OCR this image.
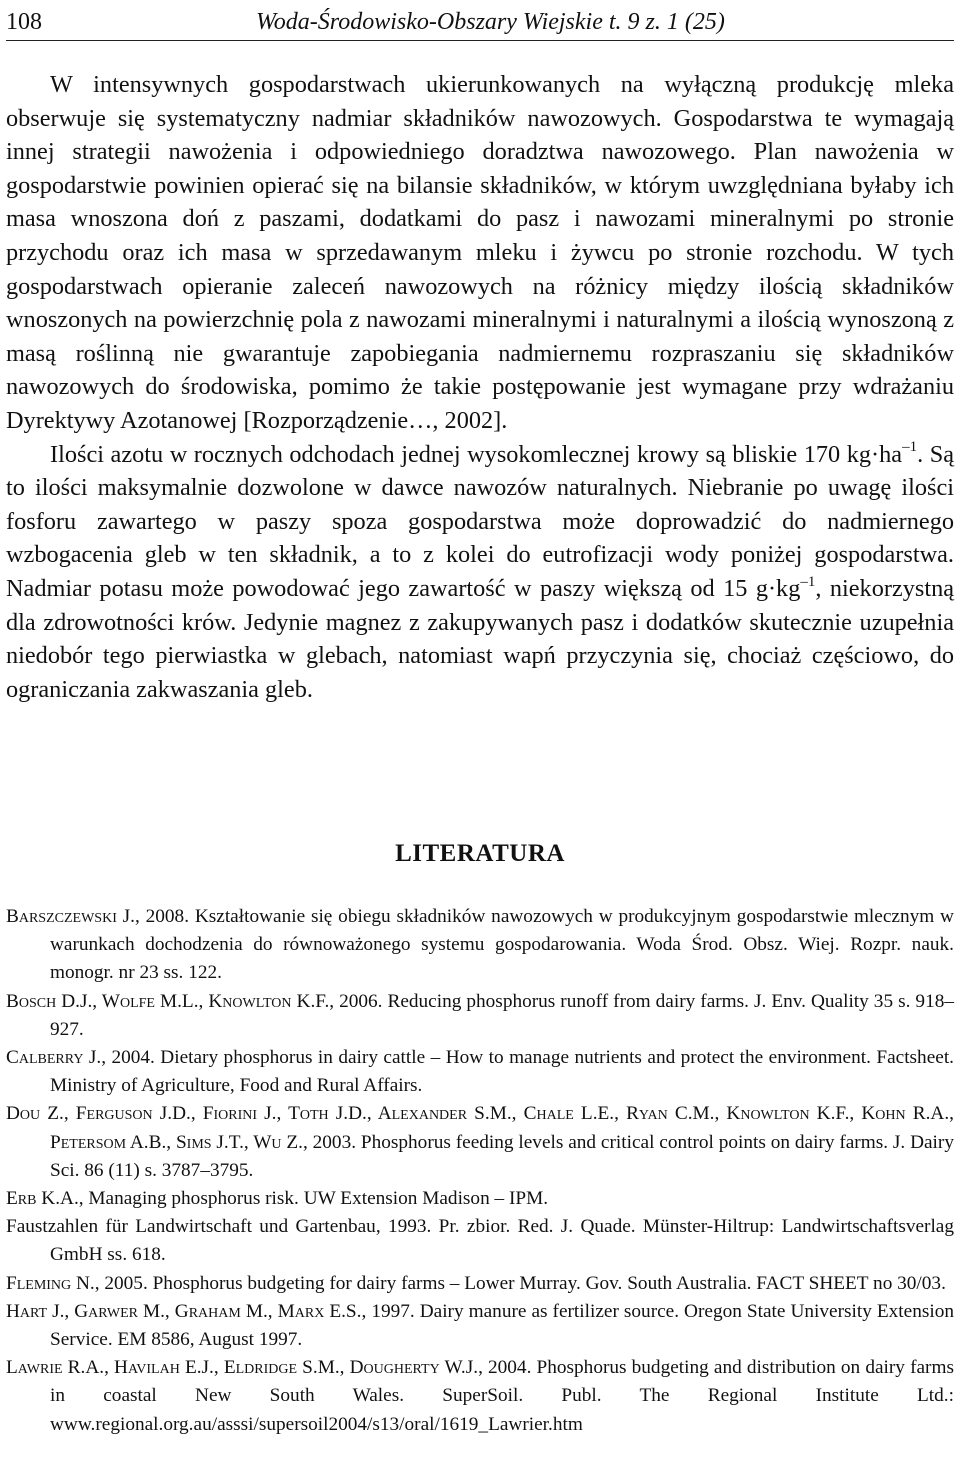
108	Woda-Środowisko-Obszary Wiejskie t. 9 z. 1 (25)

W intensywnych gospodarstwach ukierunkowanych na wyłączną produkcję mleka obserwuje się systematyczny nadmiar składników nawozowych. Gospodarstwa te wymagają innej strategii nawożenia i odpowiedniego doradztwa nawozowego. Plan nawożenia w gospodarstwie powinien opierać się na bilansie składników, w którym uwzględniana byłaby ich masa wnoszona doń z paszami, dodatkami do pasz i nawozami mineralnymi po stronie przychodu oraz ich masa w sprzedawanym mleku i żywcu po stronie rozchodu. W tych gospodarstwach opieranie zaleceń nawozowych na różnicy między ilością składników wnoszonych na powierzchnię pola z nawozami mineralnymi i naturalnymi a ilością wynoszoną z masą roślinną nie gwarantuje zapobiegania nadmiernemu rozpraszaniu się składników nawozowych do środowiska, pomimo że takie postępowanie jest wymagane przy wdrażaniu Dyrektywy Azotanowej [Rozporządzenie…, 2002].

Ilości azotu w rocznych odchodach jednej wysokomlecznej krowy są bliskie 170 $kg\cdot ha^{-1}$. Są to ilości maksymalnie dozwolone w dawce nawozów naturalnych. Niebranie po uwagę ilości fosforu zawartego w paszy spoza gospodarstwa może doprowadzić do nadmiernego wzbogacenia gleb w ten składnik, a to z kolei do eutrofizacji wody poniżej gospodarstwa. Nadmiar potasu może powodować jego zawartość w paszy większą od 15 $g\cdot kg^{-1}$, niekorzystną dla zdrowotności krów. Jedynie magnez z zakupywanych pasz i dodatków skutecznie uzupełnia niedobór tego pierwiastka w glebach, natomiast wapń przyczynia się, chociaż częściowo, do ograniczania zakwaszania gleb.

LITERATURA

Barszczewski J., 2008. Kształtowanie się obiegu składników nawozowych w produkcyjnym gospodarstwie mlecznym w warunkach dochodzenia do równoważonego systemu gospodarowania. Woda Środ. Obsz. Wiej. Rozpr. nauk. monogr. nr 23 ss. 122.

Bosch D.J., Wolfe M.L., Knowlton K.F., 2006. Reducing phosphorus runoff from dairy farms. J. Env. Quality 35 s. 918–927.

Calberry J., 2004. Dietary phosphorus in dairy cattle – How to manage nutrients and protect the environment. Factsheet. Ministry of Agriculture, Food and Rural Affairs.

Dou Z., Ferguson J.D., Fiorini J., Toth J.D., Alexander S.M., Chale L.E., Ryan C.M., Knowlton K.F., Kohn R.A., Petersom A.B., Sims J.T., Wu Z., 2003. Phosphorus feeding levels and critical control points on dairy farms. J. Dairy Sci. 86 (11) s. 3787–3795.

Erb K.A., Managing phosphorus risk. UW Extension Madison – IPM.

Faustzahlen für Landwirtschaft und Gartenbau, 1993. Pr. zbior. Red. J. Quade. Münster-Hiltrup: Landwirtschaftsverlag GmbH ss. 618.

Fleming N., 2005. Phosphorus budgeting for dairy farms – Lower Murray. Gov. South Australia. FACT SHEET no 30/03.

Hart J., Garwer M., Graham M., Marx E.S., 1997. Dairy manure as fertilizer source. Oregon State University Extension Service. EM 8586, August 1997.

Lawrie R.A., Havilah E.J., Eldridge S.M., Dougherty W.J., 2004. Phosphorus budgeting and distribution on dairy farms in coastal New South Wales. SuperSoil. Publ. The Regional Institute Ltd.: www.regional.org.au/asssi/supersoil2004/s13/oral/1619_Lawrier.htm
